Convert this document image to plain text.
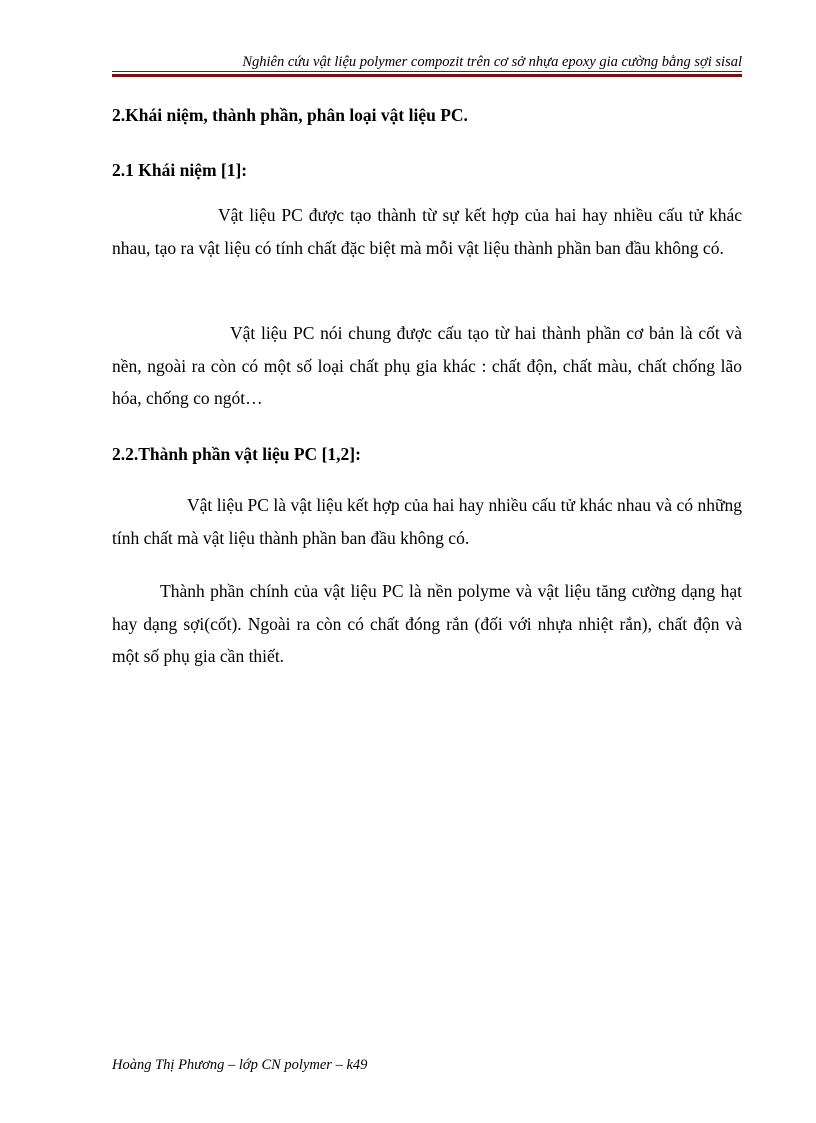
Nghiên cứu vật liệu polymer compozit trên cơ sở nhựa epoxy gia cường bằng sợi sisal
2.Khái niệm, thành phần, phân loại vật liệu PC.
2.1 Khái niệm [1]:

Vật liệu PC được tạo thành từ sự kết hợp của hai hay nhiều cấu tử khác nhau, tạo ra vật liệu có tính chất đặc biệt mà mỗi vật liệu thành phần ban đầu không có.

Vật liệu PC nói chung được cấu tạo từ hai thành phần cơ bản là cốt và nền, ngoài ra còn có một số loại chất phụ gia khác : chất độn, chất màu, chất chống lão hóa, chống co ngót…

2.2.Thành phần vật liệu PC [1,2]:

Vật liệu PC là vật liệu kết hợp của hai hay nhiều cấu tử khác nhau và có những tính chất mà vật liệu thành phần ban đầu không có.

Thành phần chính của vật liệu PC là nền polyme và vật liệu tăng cường dạng hạt hay dạng sợi(cốt). Ngoài ra còn có chất đóng rắn (đối với nhựa nhiệt rắn), chất độn và một số phụ gia cần thiết.

Hoàng Thị Phương – lớp CN polymer – k49
